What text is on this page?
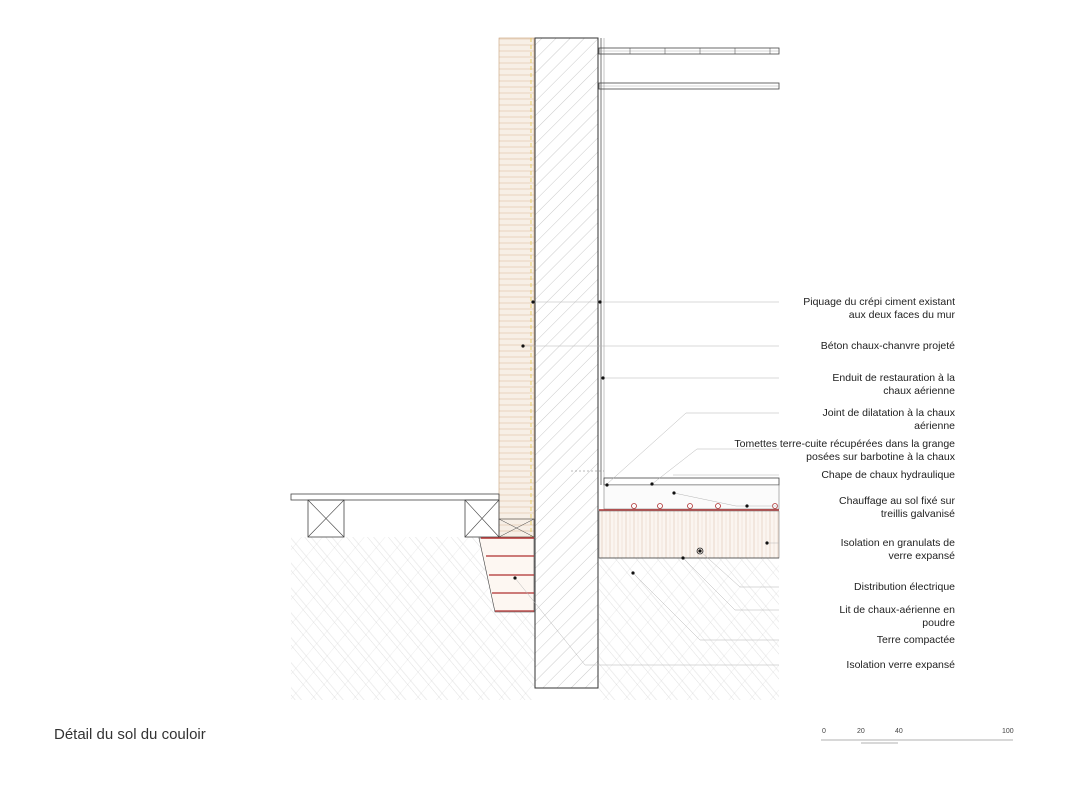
Piquage du crépi ciment existant
aux deux faces du mur
Béton chaux-chanvre projeté
Enduit de restauration à la
chaux aérienne
Joint de dilatation à la chaux
aérienne
Tomettes terre-cuite récupérées dans la grange
posées sur barbotine à la chaux
Chape de chaux hydraulique
Chauffage au sol fixé sur
treillis galvanisé
Isolation en granulats de
verre expansé
Distribution électrique
Lit de chaux-aérienne en
poudre
Terre compactée
Isolation verre expansé
Détail du sol du couloir	0	20	40	100
